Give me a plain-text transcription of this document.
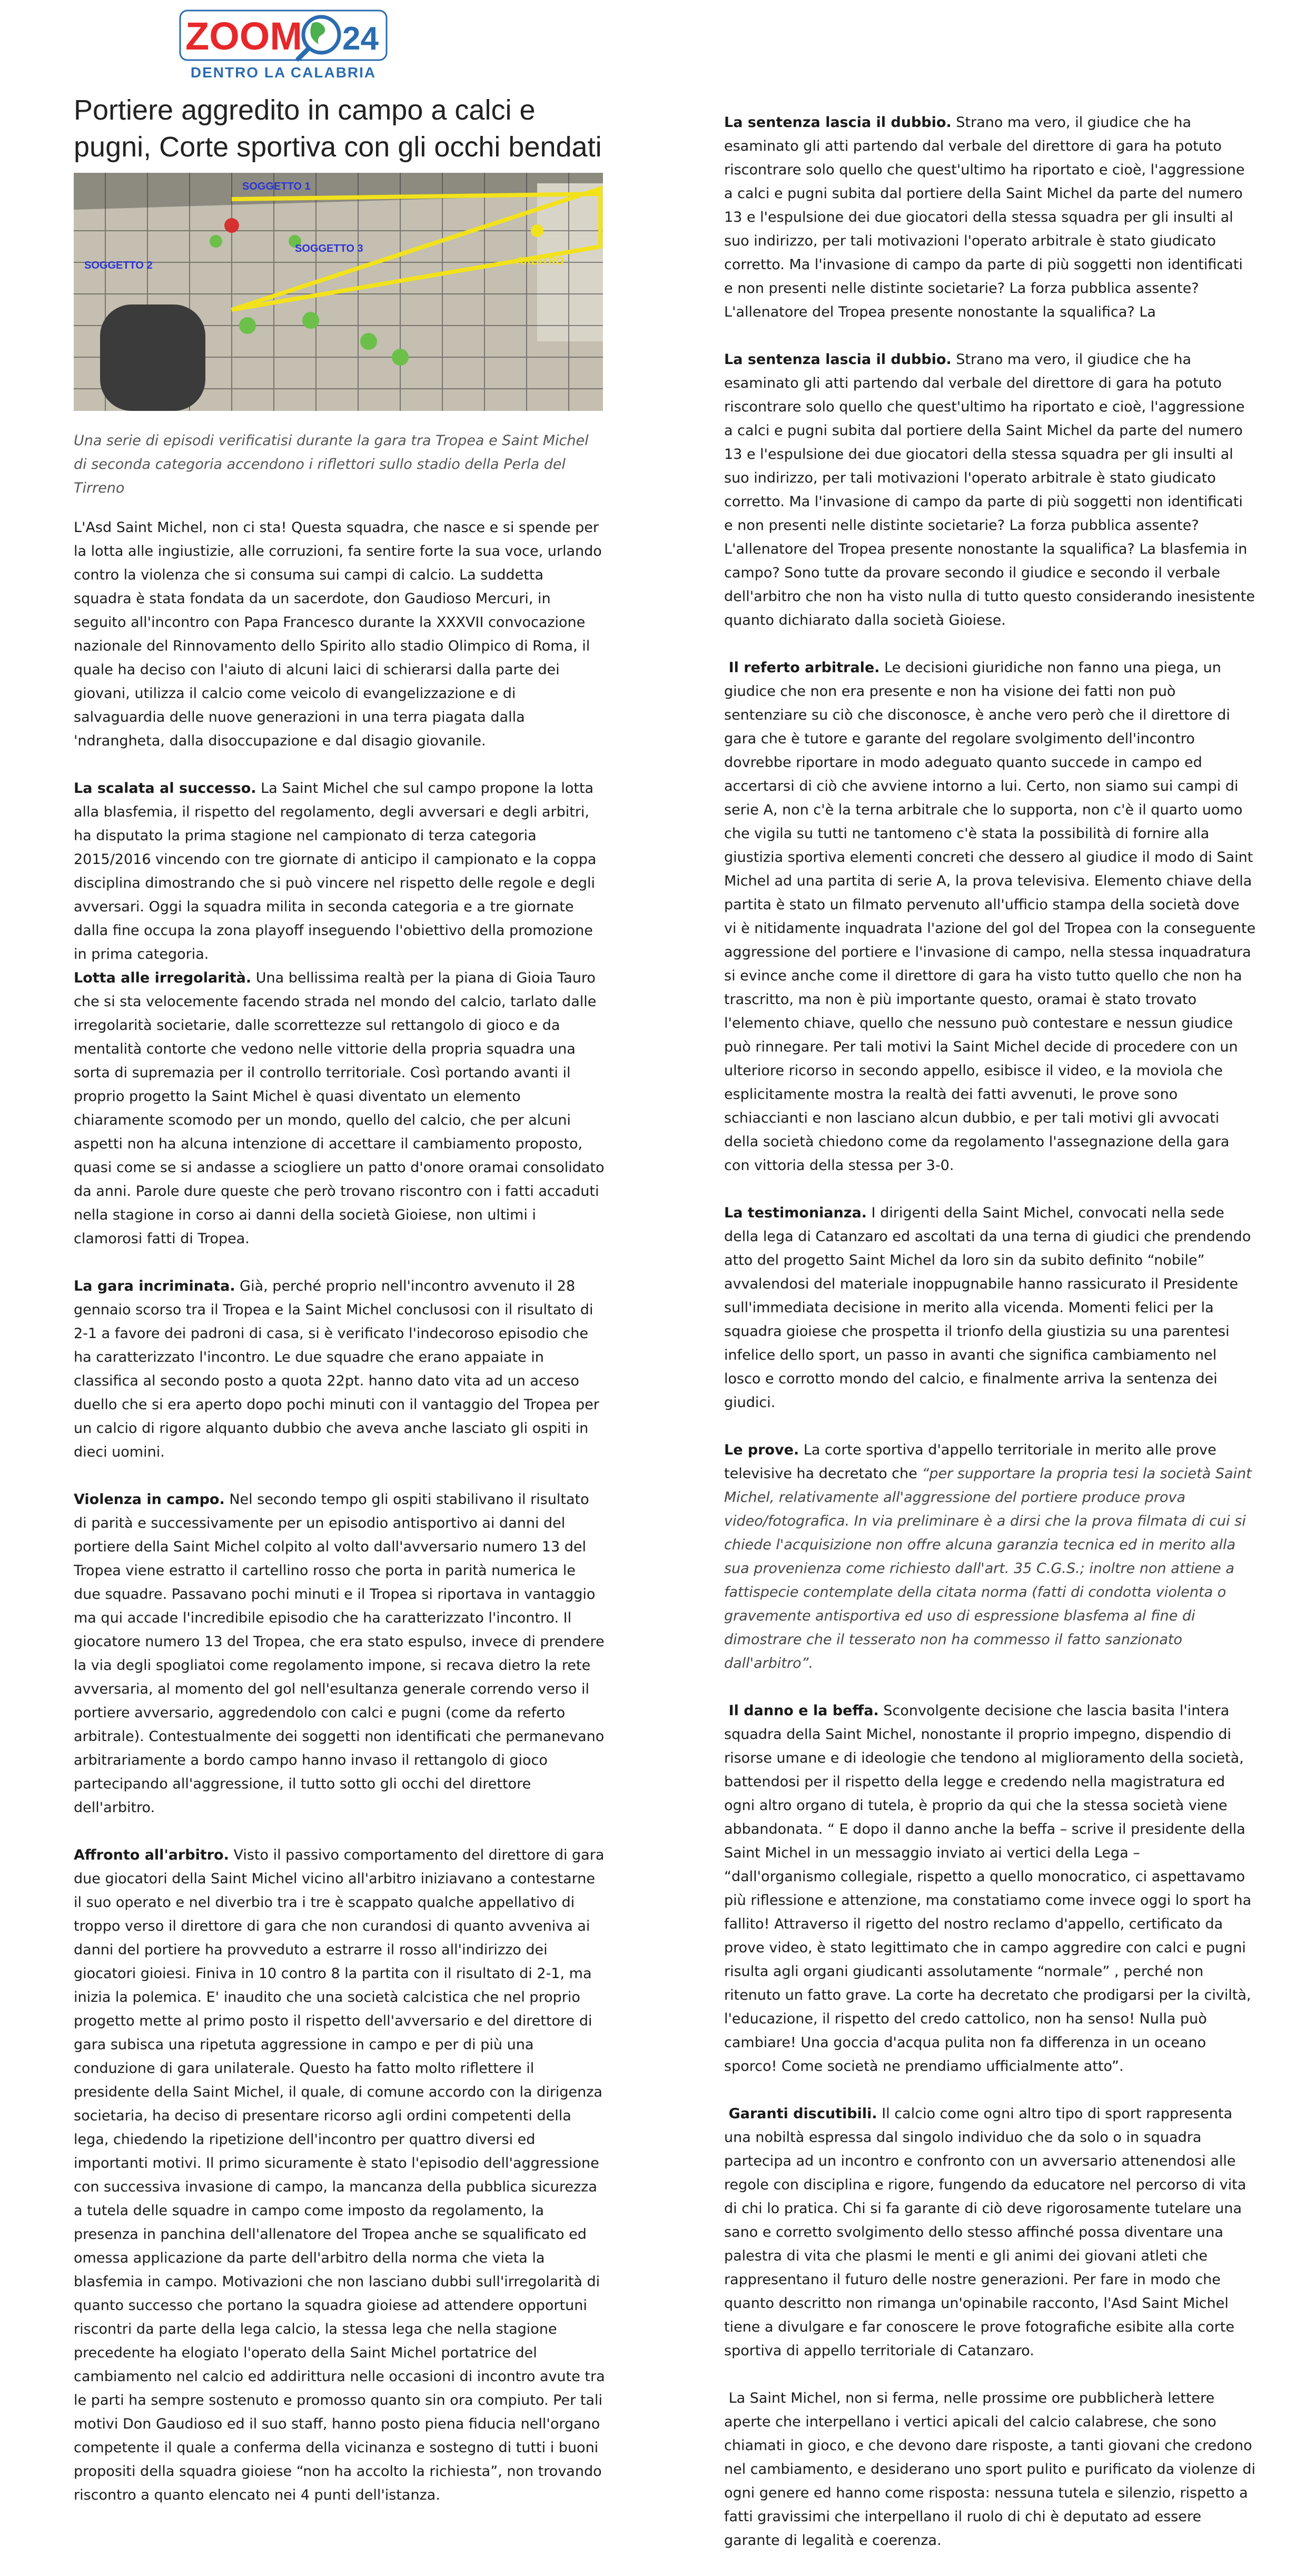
ZOOM 24
DENTRO LA CALABRIA
Portiere aggredito in campo a calci e pugni, Corte sportiva con gli occhi bendati
SOGGETTO 1
SOGGETTO 2
SOGGETTO 3
ARBITRO

Una serie di episodi verificatisi durante la gara tra Tropea e Saint Michel di seconda categoria accendono i riflettori sullo stadio della Perla del Tirreno

L'Asd Saint Michel, non ci sta! Questa squadra, che nasce e si spende per la lotta alle ingiustizie, alle corruzioni, fa sentire forte la sua voce, urlando contro la violenza che si consuma sui campi di calcio. La suddetta squadra è stata fondata da un sacerdote, don Gaudioso Mercuri, in seguito all'incontro con Papa Francesco durante la XXXVII convocazione nazionale del Rinnovamento dello Spirito allo stadio Olimpico di Roma, il quale ha deciso con l'aiuto di alcuni laici di schierarsi dalla parte dei giovani, utilizza il calcio come veicolo di evangelizzazione e di salvaguardia delle nuove generazioni in una terra piagata dalla 'ndrangheta, dalla disoccupazione e dal disagio giovanile.

La scalata al successo. La Saint Michel che sul campo propone la lotta alla blasfemia, il rispetto del regolamento, degli avversari e degli arbitri, ha disputato la prima stagione nel campionato di terza categoria 2015/2016 vincendo con tre giornate di anticipo il campionato e la coppa disciplina dimostrando che si può vincere nel rispetto delle regole e degli avversari. Oggi la squadra milita in seconda categoria e a tre giornate dalla fine occupa la zona playoff inseguendo l'obiettivo della promozione in prima categoria.

Lotta alle irregolarità. Una bellissima realtà per la piana di Gioia Tauro che si sta velocemente facendo strada nel mondo del calcio, tarlato dalle irregolarità societarie, dalle scorrettezze sul rettangolo di gioco e da mentalità contorte che vedono nelle vittorie della propria squadra una sorta di supremazia per il controllo territoriale. Così portando avanti il proprio progetto la Saint Michel è quasi diventato un elemento chiaramente scomodo per un mondo, quello del calcio, che per alcuni aspetti non ha alcuna intenzione di accettare il cambiamento proposto, quasi come se si andasse a sciogliere un patto d'onore oramai consolidato da anni. Parole dure queste che però trovano riscontro con i fatti accaduti nella stagione in corso ai danni della società Gioiese, non ultimi i clamorosi fatti di Tropea.

La gara incriminata. Già, perché proprio nell'incontro avvenuto il 28 gennaio scorso tra il Tropea e la Saint Michel conclusosi con il risultato di 2-1 a favore dei padroni di casa, si è verificato l'indecoroso episodio che ha caratterizzato l'incontro. Le due squadre che erano appaiate in classifica al secondo posto a quota 22pt. hanno dato vita ad un acceso duello che si era aperto dopo pochi minuti con il vantaggio del Tropea per un calcio di rigore alquanto dubbio che aveva anche lasciato gli ospiti in dieci uomini.

Violenza in campo. Nel secondo tempo gli ospiti stabilivano il risultato di parità e successivamente per un episodio antisportivo ai danni del portiere della Saint Michel colpito al volto dall'avversario numero 13 del Tropea viene estratto il cartellino rosso che porta in parità numerica le due squadre. Passavano pochi minuti e il Tropea si riportava in vantaggio ma qui accade l'incredibile episodio che ha caratterizzato l'incontro. Il giocatore numero 13 del Tropea, che era stato espulso, invece di prendere la via degli spogliatoi come regolamento impone, si recava dietro la rete avversaria, al momento del gol nell'esultanza generale correndo verso il portiere avversario, aggredendolo con calci e pugni (come da referto arbitrale). Contestualmente dei soggetti non identificati che permanevano arbitrariamente a bordo campo hanno invaso il rettangolo di gioco partecipando all'aggressione, il tutto sotto gli occhi del direttore dell'arbitro.

Affronto all'arbitro. Visto il passivo comportamento del direttore di gara due giocatori della Saint Michel vicino all'arbitro iniziavano a contestarne il suo operato e nel diverbio tra i tre è scappato qualche appellativo di troppo verso il direttore di gara che non curandosi di quanto avveniva ai danni del portiere ha provveduto a estrarre il rosso all'indirizzo dei giocatori gioiesi. Finiva in 10 contro 8 la partita con il risultato di 2-1, ma inizia la polemica. E' inaudito che una società calcistica che nel proprio progetto mette al primo posto il rispetto dell'avversario e del direttore di gara subisca una ripetuta aggressione in campo e per di più una conduzione di gara unilaterale. Questo ha fatto molto riflettere il presidente della Saint Michel, il quale, di comune accordo con la dirigenza societaria, ha deciso di presentare ricorso agli ordini competenti della lega, chiedendo la ripetizione dell'incontro per quattro diversi ed importanti motivi. Il primo sicuramente è stato l'episodio dell'aggressione con successiva invasione di campo, la mancanza della pubblica sicurezza a tutela delle squadre in campo come imposto da regolamento, la presenza in panchina dell'allenatore del Tropea anche se squalificato ed omessa applicazione da parte dell'arbitro della norma che vieta la blasfemia in campo. Motivazioni che non lasciano dubbi sull'irregolarità di quanto successo che portano la squadra gioiese ad attendere opportuni riscontri da parte della lega calcio, la stessa lega che nella stagione precedente ha elogiato l'operato della Saint Michel portatrice del cambiamento nel calcio ed addirittura nelle occasioni di incontro avute tra le parti ha sempre sostenuto e promosso quanto sin ora compiuto. Per tali motivi Don Gaudioso ed il suo staff, hanno posto piena fiducia nell'organo competente il quale a conferma della vicinanza e sostegno di tutti i buoni propositi della squadra gioiese “non ha accolto la richiesta”, non trovando riscontro a quanto elencato nei 4 punti dell'istanza.

La sentenza lascia il dubbio. Strano ma vero, il giudice che ha esaminato gli atti partendo dal verbale del direttore di gara ha potuto riscontrare solo quello che quest'ultimo ha riportato e cioè, l'aggressione a calci e pugni subita dal portiere della Saint Michel da parte del numero 13 e l'espulsione dei due giocatori della stessa squadra per gli insulti al suo indirizzo, per tali motivazioni l'operato arbitrale è stato giudicato corretto. Ma l'invasione di campo da parte di più soggetti non identificati e non presenti nelle distinte societarie? La forza pubblica assente? L'allenatore del Tropea presente nonostante la squalifica? La

La sentenza lascia il dubbio. Strano ma vero, il giudice che ha esaminato gli atti partendo dal verbale del direttore di gara ha potuto riscontrare solo quello che quest'ultimo ha riportato e cioè, l'aggressione a calci e pugni subita dal portiere della Saint Michel da parte del numero 13 e l'espulsione dei due giocatori della stessa squadra per gli insulti al suo indirizzo, per tali motivazioni l'operato arbitrale è stato giudicato corretto. Ma l'invasione di campo da parte di più soggetti non identificati e non presenti nelle distinte societarie? La forza pubblica assente? L'allenatore del Tropea presente nonostante la squalifica? La blasfemia in campo? Sono tutte da provare secondo il giudice e secondo il verbale dell'arbitro che non ha visto nulla di tutto questo considerando inesistente quanto dichiarato dalla società Gioiese.

Il referto arbitrale. Le decisioni giuridiche non fanno una piega, un giudice che non era presente e non ha visione dei fatti non può sentenziare su ciò che disconosce, è anche vero però che il direttore di gara che è tutore e garante del regolare svolgimento dell'incontro dovrebbe riportare in modo adeguato quanto succede in campo ed accertarsi di ciò che avviene intorno a lui. Certo, non siamo sui campi di serie A, non c'è la terna arbitrale che lo supporta, non c'è il quarto uomo che vigila su tutti ne tantomeno c'è stata la possibilità di fornire alla giustizia sportiva elementi concreti che dessero al giudice il modo di Saint Michel ad una partita di serie A, la prova televisiva. Elemento chiave della partita è stato un filmato pervenuto all'ufficio stampa della società dove vi è nitidamente inquadrata l'azione del gol del Tropea con la conseguente aggressione del portiere e l'invasione di campo, nella stessa inquadratura si evince anche come il direttore di gara ha visto tutto quello che non ha trascritto, ma non è più importante questo, oramai è stato trovato l'elemento chiave, quello che nessuno può contestare e nessun giudice può rinnegare. Per tali motivi la Saint Michel decide di procedere con un ulteriore ricorso in secondo appello, esibisce il video, e la moviola che esplicitamente mostra la realtà dei fatti avvenuti, le prove sono schiaccianti e non lasciano alcun dubbio, e per tali motivi gli avvocati della società chiedono come da regolamento l'assegnazione della gara con vittoria della stessa per 3-0.

La testimonianza. I dirigenti della Saint Michel, convocati nella sede della lega di Catanzaro ed ascoltati da una terna di giudici che prendendo atto del progetto Saint Michel da loro sin da subito definito “nobile” avvalendosi del materiale inoppugnabile hanno rassicurato il Presidente sull'immediata decisione in merito alla vicenda. Momenti felici per la squadra gioiese che prospetta il trionfo della giustizia su una parentesi infelice dello sport, un passo in avanti che significa cambiamento nel losco e corrotto mondo del calcio, e finalmente arriva la sentenza dei giudici.

Le prove. La corte sportiva d'appello territoriale in merito alle prove televisive ha decretato che “per supportare la propria tesi la società Saint Michel, relativamente all'aggressione del portiere produce prova video/fotografica. In via preliminare è a dirsi che la prova filmata di cui si chiede l'acquisizione non offre alcuna garanzia tecnica ed in merito alla sua provenienza come richiesto dall'art. 35 C.G.S.; inoltre non attiene a fattispecie contemplate della citata norma (fatti di condotta violenta o gravemente antisportiva ed uso di espressione blasfema al fine di dimostrare che il tesserato non ha commesso il fatto sanzionato dall'arbitro”.

Il danno e la beffa. Sconvolgente decisione che lascia basita l'intera squadra della Saint Michel, nonostante il proprio impegno, dispendio di risorse umane e di ideologie che tendono al miglioramento della società, battendosi per il rispetto della legge e credendo nella magistratura ed ogni altro organo di tutela, è proprio da qui che la stessa società viene abbandonata. “ E dopo il danno anche la beffa – scrive il presidente della Saint Michel in un messaggio inviato ai vertici della Lega – “dall'organismo collegiale, rispetto a quello monocratico, ci aspettavamo più riflessione e attenzione, ma constatiamo come invece oggi lo sport ha fallito! Attraverso il rigetto del nostro reclamo d'appello, certificato da prove video, è stato legittimato che in campo aggredire con calci e pugni risulta agli organi giudicanti assolutamente “normale” , perché non ritenuto un fatto grave. La corte ha decretato che prodigarsi per la civiltà, l'educazione, il rispetto del credo cattolico, non ha senso! Nulla può cambiare! Una goccia d'acqua pulita non fa differenza in un oceano sporco! Come società ne prendiamo ufficialmente atto”.

Garanti discutibili. Il calcio come ogni altro tipo di sport rappresenta una nobiltà espressa dal singolo individuo che da solo o in squadra partecipa ad un incontro e confronto con un avversario attenendosi alle regole con disciplina e rigore, fungendo da educatore nel percorso di vita di chi lo pratica. Chi si fa garante di ciò deve rigorosamente tutelare una sano e corretto svolgimento dello stesso affinché possa diventare una palestra di vita che plasmi le menti e gli animi dei giovani atleti che rappresentano il futuro delle nostre generazioni. Per fare in modo che quanto descritto non rimanga un'opinabile racconto, l'Asd Saint Michel tiene a divulgare e far conoscere le prove fotografiche esibite alla corte sportiva di appello territoriale di Catanzaro.

La Saint Michel, non si ferma, nelle prossime ore pubblicherà lettere aperte che interpellano i vertici apicali del calcio calabrese, che sono chiamati in gioco, e che devono dare risposte, a tanti giovani che credono nel cambiamento, e desiderano uno sport pulito e purificato da violenze di ogni genere ed hanno come risposta: nessuna tutela e silenzio, rispetto a fatti gravissimi che interpellano il ruolo di chi è deputato ad essere garante di legalità e coerenza.
